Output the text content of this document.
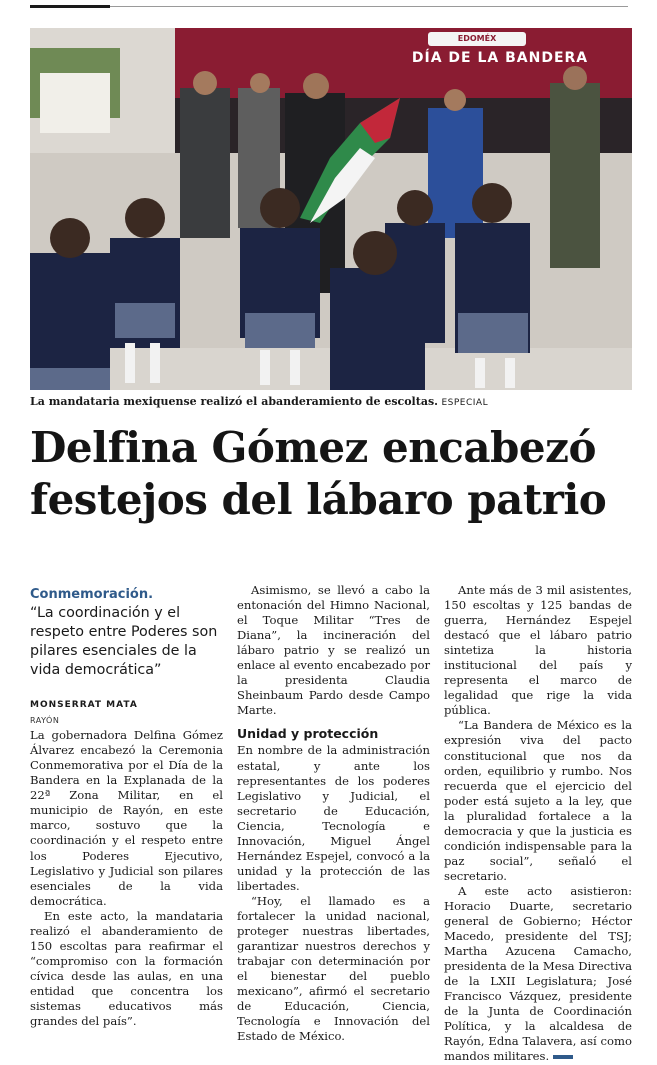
EDOMÉX
DÍA DE LA BANDERA
La mandataria mexiquense realizó el abanderamiento de escoltas. ESPECIAL
Delfina Gómez encabezó festejos del lábaro patrio
Conmemoración.
“La coordinación y el respeto entre Poderes son pilares esenciales de la vida democrática”

MONSERRAT MATA

RAYÓN

La gobernadora Delfina Gómez Álvarez encabezó la Ceremonia Conmemorativa por el Día de la Bandera en la Explanada de la 22ª Zona Militar, en el municipio de Rayón, en este marco, sostuvo que la coordinación y el respeto entre los Poderes Ejecutivo, Legislativo y Judicial son pilares esenciales de la vida democrática.

En este acto, la mandataria realizó el abanderamiento de 150 escoltas para reafirmar el “compromiso con la formación cívica desde las aulas, en una entidad que concentra los sistemas educativos más grandes del país”.

Asimismo, se llevó a cabo la entonación del Himno Nacional, el Toque Militar “Tres de Diana”, la incineración del lábaro patrio y se realizó un enlace al evento encabezado por la presidenta Claudia Sheinbaum Pardo desde Campo Marte.

Unidad y protección

En nombre de la administración estatal, y ante los representantes de los poderes Legislativo y Judicial, el secretario de Educación, Ciencia, Tecnología e Innovación, Miguel Ángel Hernández Espejel, convocó a la unidad y la protección de las libertades.

“Hoy, el llamado es a fortalecer la unidad nacional, proteger nuestras libertades, garantizar nuestros derechos y trabajar con determinación por el bienestar del pueblo mexicano”, afirmó el secretario de Educación, Ciencia, Tecnología e Innovación del Estado de México.

Ante más de 3 mil asistentes, 150 escoltas y 125 bandas de guerra, Hernández Espejel destacó que el lábaro patrio sintetiza la historia institucional del país y representa el marco de legalidad que rige la vida pública.

“La Bandera de México es la expresión viva del pacto constitucional que nos da orden, equilibrio y rumbo. Nos recuerda que el ejercicio del poder está sujeto a la ley, que la pluralidad fortalece a la democracia y que la justicia es condición indispensable para la paz social”, señaló el secretario.

A este acto asistieron: Horacio Duarte, secretario general de Gobierno; Héctor Macedo, presidente del TSJ; Martha Azucena Camacho, presidenta de la Mesa Directiva de la LXII Legislatura; José Francisco Vázquez, presidente de la Junta de Coordinación Política, y la alcaldesa de Rayón, Edna Talavera, así como mandos militares.
